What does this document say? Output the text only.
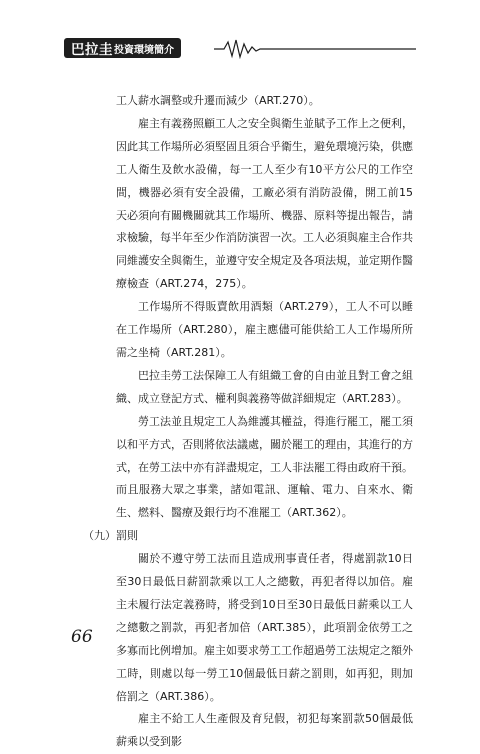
巴拉圭 投資環境簡介

工人薪水調整或升遷而減少（ART.270）。

雇主有義務照顧工人之安全與衛生並賦予工作上之便利，因此其工作場所必須堅固且須合乎衛生，避免環境污染，供應工人衛生及飲水設備，每一工人至少有10平方公尺的工作空間，機器必須有安全設備，工廠必須有消防設備，開工前15天必須向有關機關就其工作場所、機器、原料等提出報告，請求檢驗，每半年至少作消防演習一次。工人必須與雇主合作共同維護安全與衛生，並遵守安全規定及各項法規，並定期作醫療檢查（ART.274，275）。

工作場所不得販賣飲用酒類（ART.279），工人不可以睡在工作場所（ART.280），雇主應儘可能供給工人工作場所所需之坐椅（ART.281）。

巴拉圭勞工法保障工人有組織工會的自由並且對工會之組織、成立登記方式、權利與義務等做詳細規定（ART.283）。

勞工法並且規定工人為維護其權益，得進行罷工，罷工須以和平方式，否則將依法議處，關於罷工的理由，其進行的方式，在勞工法中亦有詳盡規定，工人非法罷工得由政府干預。而且服務大眾之事業，諸如電訊、運輸、電力、自來水、衛生、燃料、醫療及銀行均不准罷工（ART.362）。

（九）罰則

關於不遵守勞工法而且造成刑事責任者，得處罰款10日至30日最低日薪罰款乘以工人之總數，再犯者得以加倍。雇主未履行法定義務時，將受到10日至30日最低日薪乘以工人之總數之罰款，再犯者加倍（ART.385），此項罰金依勞工之多寡而比例增加。雇主如要求勞工工作超過勞工法規定之額外工時，則處以每一勞工10個最低日薪之罰則，如再犯，則加倍罰之（ART.386）。

雇主不給工人生產假及育兒假，初犯每案罰款50個最低薪乘以受到影

66
